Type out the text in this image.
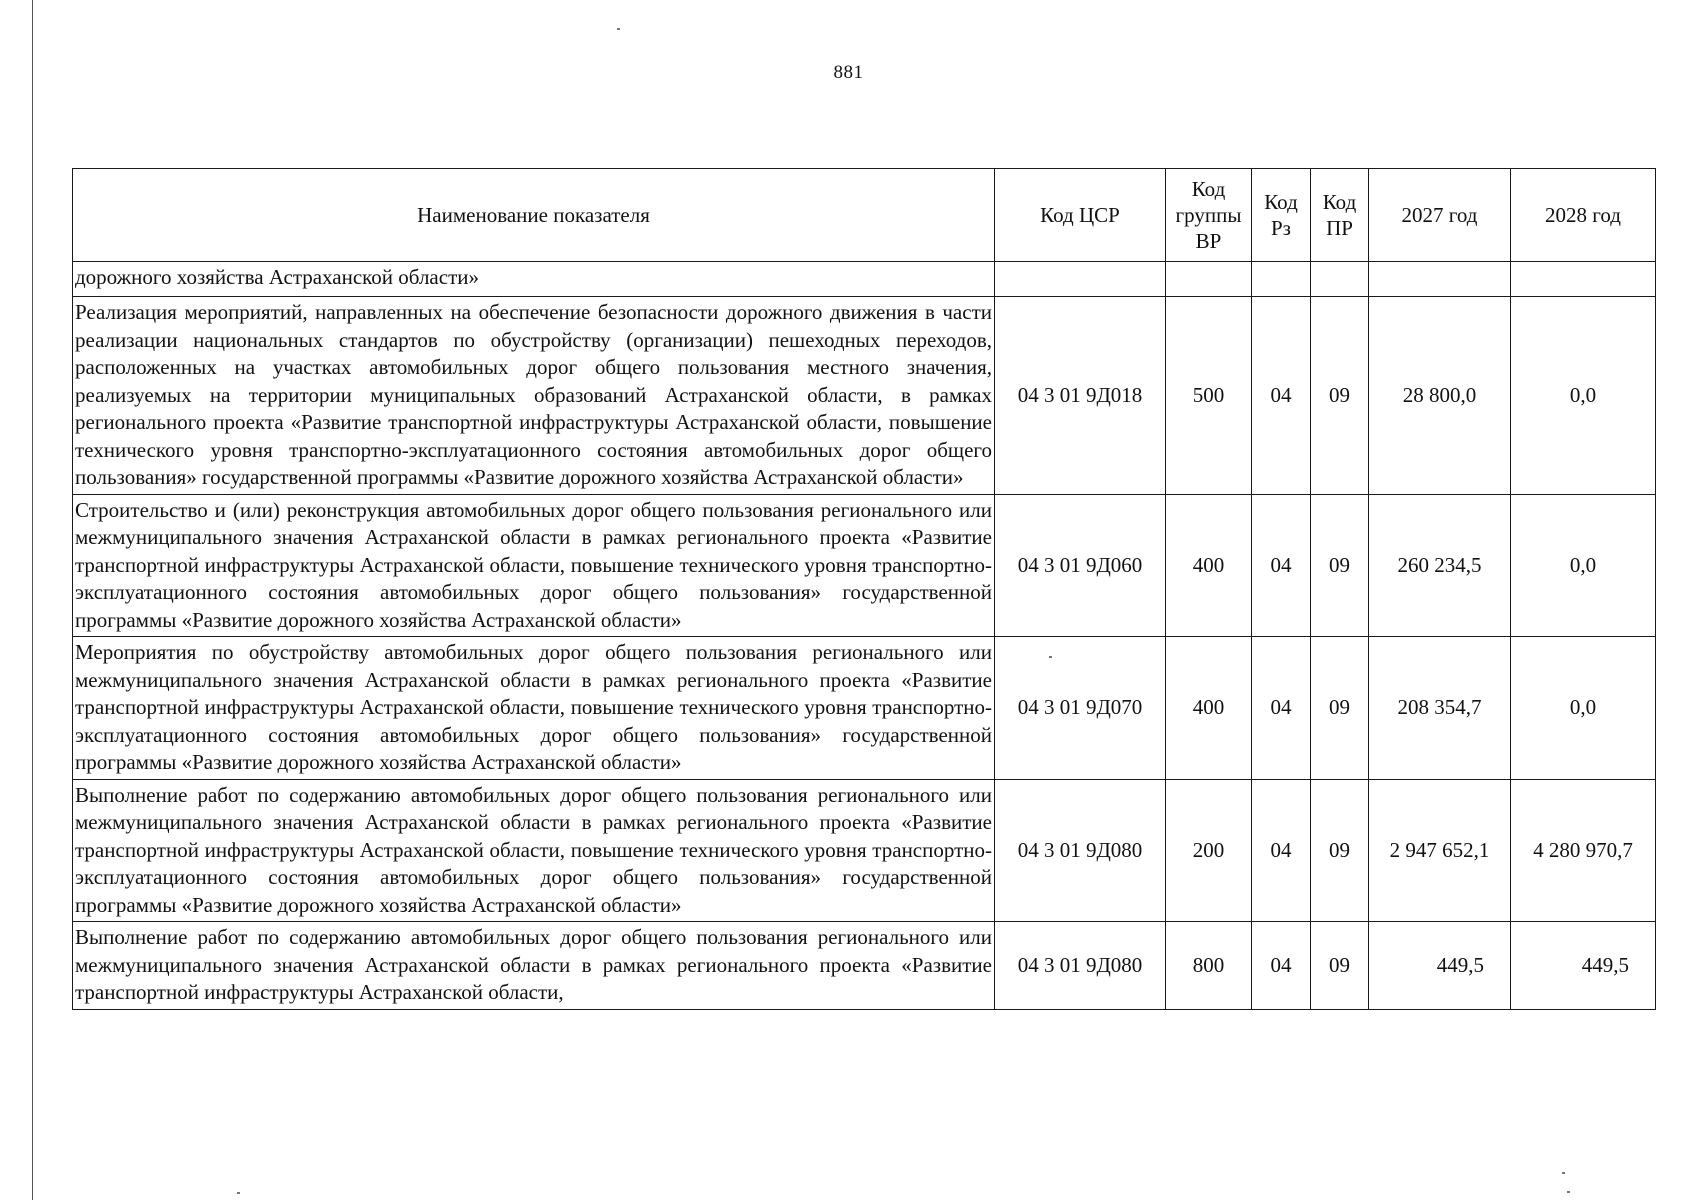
881
Наименование показателя	Код ЦСР	Код группы ВР	Код Рз	Код ПР	2027 год	2028 год
дорожного хозяйства Астраханской области»						
Реализация мероприятий, направленных на обеспечение безопасности дорожного движения в части реализации национальных стандартов по обустройству (организации) пешеходных переходов, расположенных на участках автомобильных дорог общего пользования местного значения, реализуемых на территории муниципальных образований Астраханской области, в рамках регионального проекта «Развитие транспортной инфраструктуры Астраханской области, повышение технического уровня транспортно-эксплуатационного состояния автомобильных дорог общего пользования» государственной программы «Развитие дорожного хозяйства Астраханской области»	04 3 01 9Д018	500	04	09	28 800,0	0,0
Строительство и (или) реконструкция автомобильных дорог общего пользования регионального или межмуниципального значения Астраханской области в рамках регионального проекта «Развитие транспортной инфраструктуры Астраханской области, повышение технического уровня транспортно-эксплуатационного состояния автомобильных дорог общего пользования» государственной программы «Развитие дорожного хозяйства Астраханской области»	04 3 01 9Д060	400	04	09	260 234,5	0,0
Мероприятия по обустройству автомобильных дорог общего пользования регионального или межмуниципального значения Астраханской области в рамках регионального проекта «Развитие транспортной инфраструктуры Астраханской области, повышение технического уровня транспортно-эксплуатационного состояния автомобильных дорог общего пользования» государственной программы «Развитие дорожного хозяйства Астраханской области»	04 3 01 9Д070	400	04	09	208 354,7	0,0
Выполнение работ по содержанию автомобильных дорог общего пользования регионального или межмуниципального значения Астраханской области в рамках регионального проекта «Развитие транспортной инфраструктуры Астраханской области, повышение технического уровня транспортно-эксплуатационного состояния автомобильных дорог общего пользования» государственной программы «Развитие дорожного хозяйства Астраханской области»	04 3 01 9Д080	200	04	09	2 947 652,1	4 280 970,7
Выполнение работ по содержанию автомобильных дорог общего пользования регионального или межмуниципального значения Астраханской области в рамках регионального проекта «Развитие транспортной инфраструктуры Астраханской области,	04 3 01 9Д080	800	04	09	449,5	449,5
